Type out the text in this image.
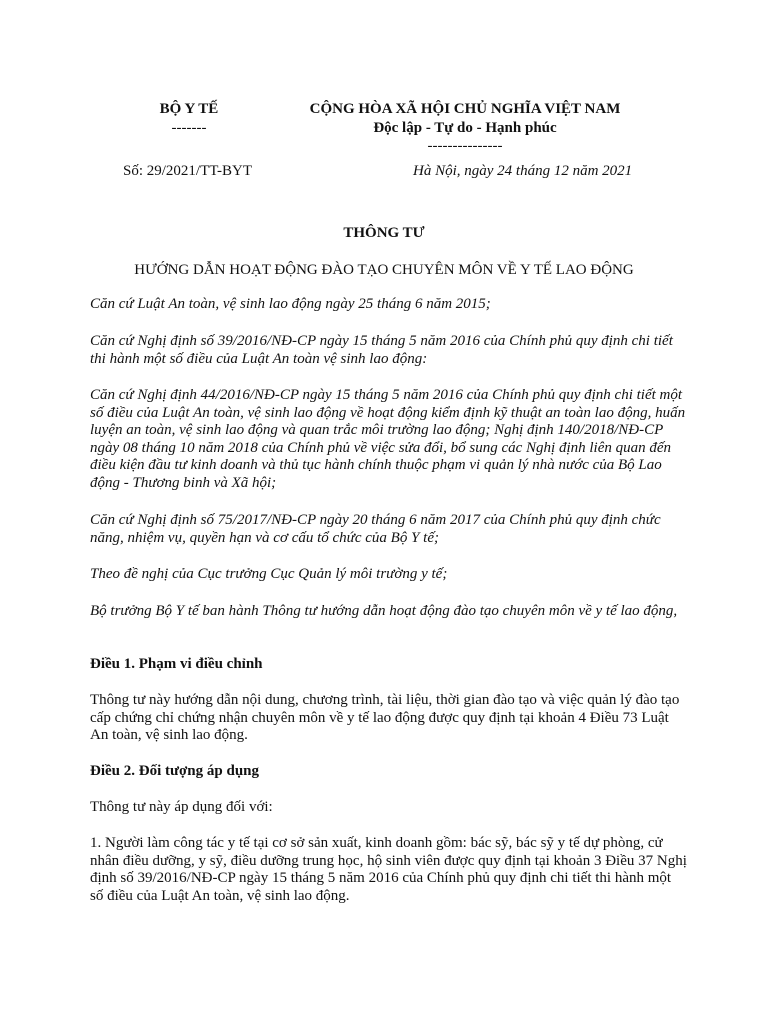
BỘ Y TẾ
-------
CỘNG HÒA XÃ HỘI CHỦ NGHĨA VIỆT NAM
Độc lập - Tự do - Hạnh phúc
---------------
Số: 29/2021/TT-BYT	Hà Nội, ngày 24 tháng 12 năm 2021
THÔNG TƯ
HƯỚNG DẪN HOẠT ĐỘNG ĐÀO TẠO CHUYÊN MÔN VỀ Y TẾ LAO ĐỘNG
Căn cứ Luật An toàn, vệ sinh lao động ngày 25 tháng 6 năm 2015;
Căn cứ Nghị định số 39/2016/NĐ-CP ngày 15 tháng 5 năm 2016 của Chính phủ quy định chi tiết thi hành một số điều của Luật An toàn vệ sinh lao động:
Căn cứ Nghị định 44/2016/NĐ-CP ngày 15 tháng 5 năm 2016 của Chính phủ quy định chi tiết một số điều của Luật An toàn, vệ sinh lao động về hoạt động kiểm định kỹ thuật an toàn lao động, huấn luyện an toàn, vệ sinh lao động và quan trắc môi trường lao động; Nghị định 140/2018/NĐ-CP ngày 08 tháng 10 năm 2018 của Chính phủ về việc sửa đổi, bổ sung các Nghị định liên quan đến điều kiện đầu tư kinh doanh và thủ tục hành chính thuộc phạm vi quản lý nhà nước của Bộ Lao động - Thương binh và Xã hội;
Căn cứ Nghị định số 75/2017/NĐ-CP ngày 20 tháng 6 năm 2017 của Chính phủ quy định chức năng, nhiệm vụ, quyền hạn và cơ cấu tổ chức của Bộ Y tế;
Theo đề nghị của Cục trưởng Cục Quản lý môi trường y tế;
Bộ trưởng Bộ Y tế ban hành Thông tư hướng dẫn hoạt động đào tạo chuyên môn về y tế lao động,
Điều 1. Phạm vi điều chỉnh
Thông tư này hướng dẫn nội dung, chương trình, tài liệu, thời gian đào tạo và việc quản lý đào tạo cấp chứng chỉ chứng nhận chuyên môn về y tế lao động được quy định tại khoản 4 Điều 73 Luật An toàn, vệ sinh lao động.
Điều 2. Đối tượng áp dụng
Thông tư này áp dụng đối với:
1. Người làm công tác y tế tại cơ sở sản xuất, kinh doanh gồm: bác sỹ, bác sỹ y tế dự phòng, cử nhân điều dưỡng, y sỹ, điều dưỡng trung học, hộ sinh viên được quy định tại khoản 3 Điều 37 Nghị định số 39/2016/NĐ-CP ngày 15 tháng 5 năm 2016 của Chính phủ quy định chi tiết thi hành một số điều của Luật An toàn, vệ sinh lao động.
